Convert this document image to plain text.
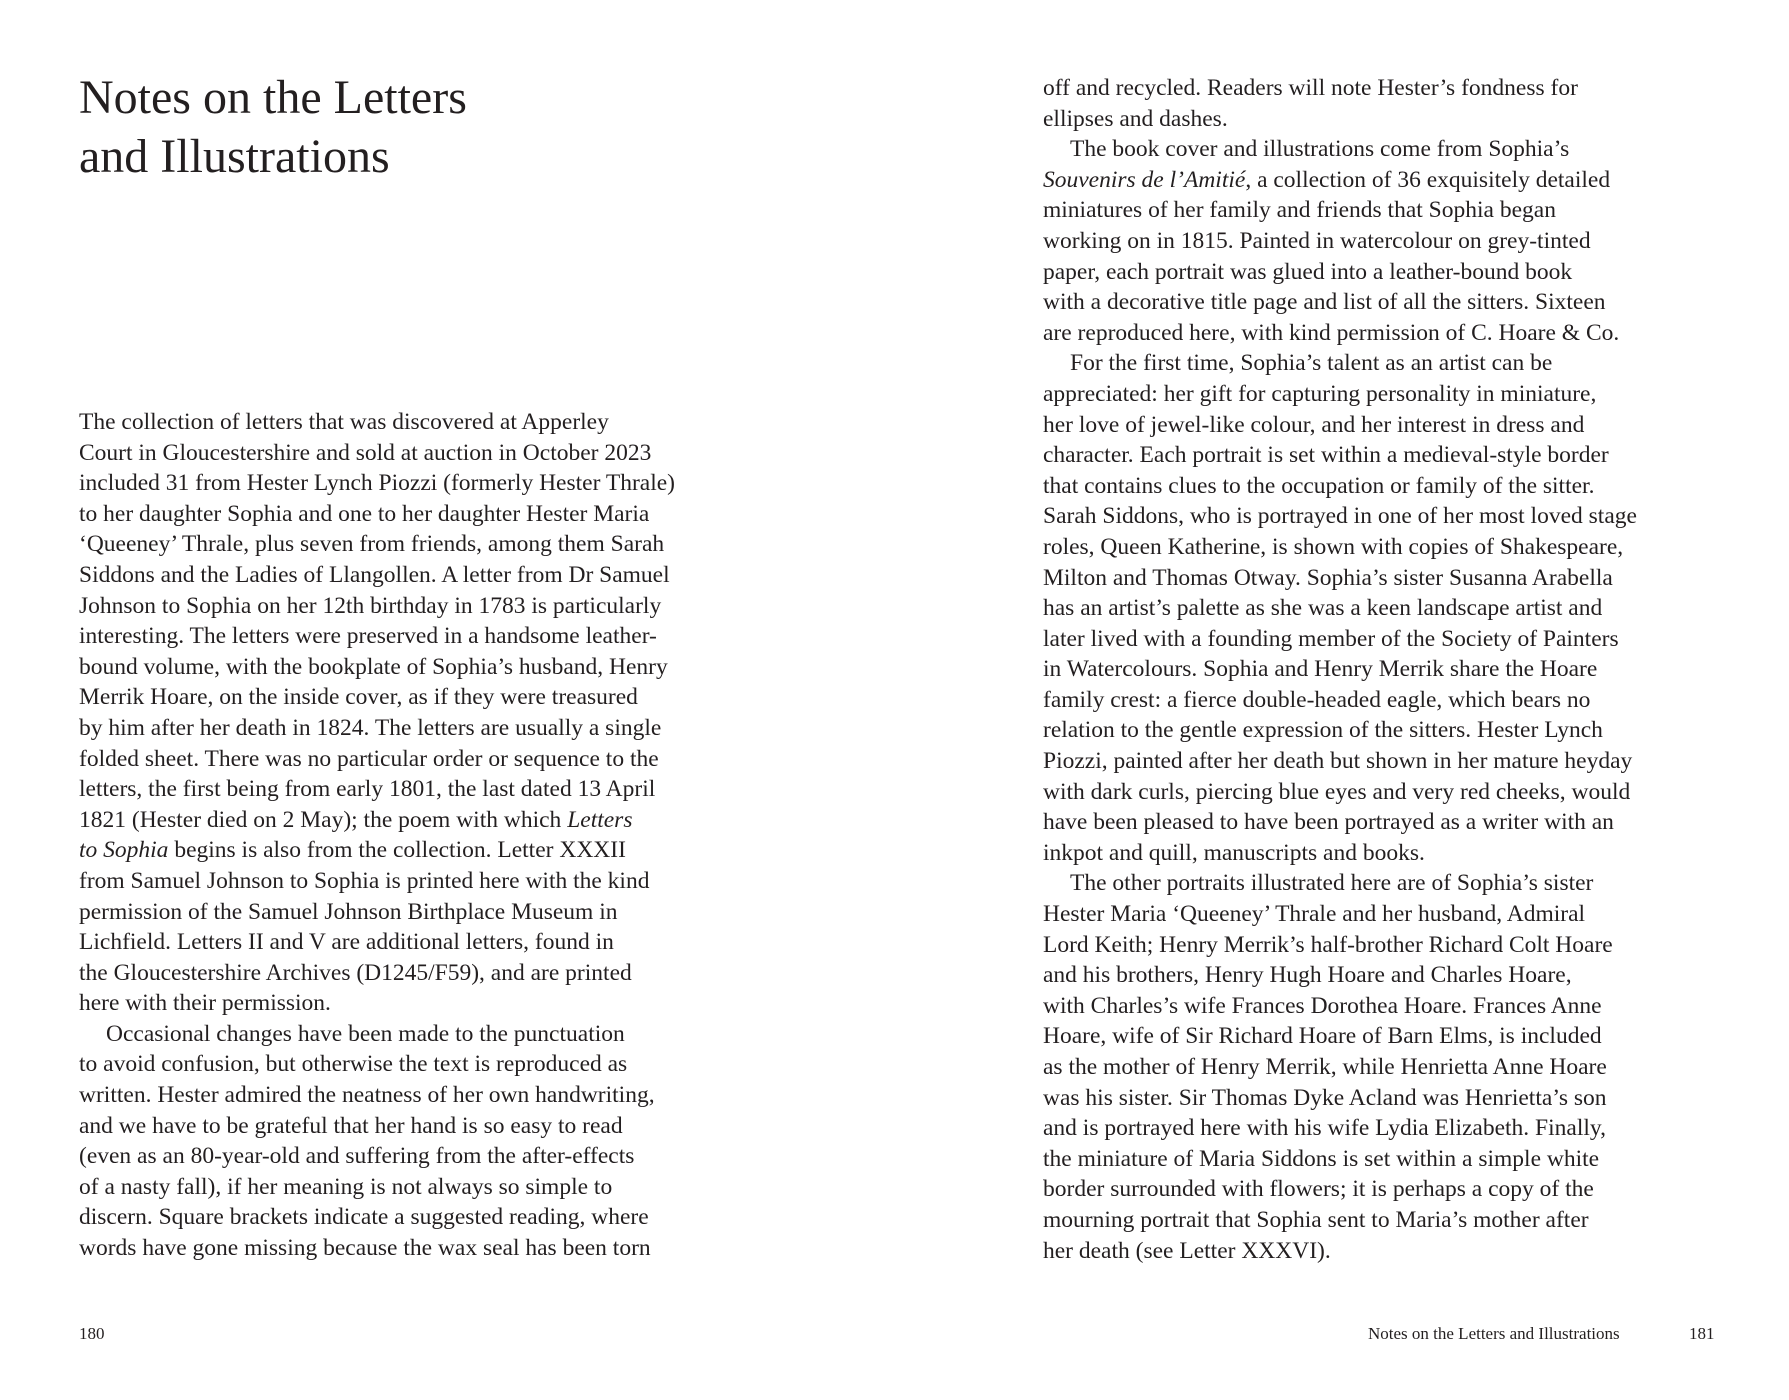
Notes on the Letters
and Illustrations
The collection of letters that was discovered at Apperley
Court in Gloucestershire and sold at auction in October 2023
included 31 from Hester Lynch Piozzi (formerly Hester Thrale)
to her daughter Sophia and one to her daughter Hester Maria
‘Queeney’ Thrale, plus seven from friends, among them Sarah
Siddons and the Ladies of Llangollen. A letter from Dr Samuel
Johnson to Sophia on her 12th birthday in 1783 is particularly
interesting. The letters were preserved in a handsome leather-
bound volume, with the bookplate of Sophia’s husband, Henry
Merrik Hoare, on the inside cover, as if they were treasured
by him after her death in 1824. The letters are usually a single
folded sheet. There was no particular order or sequence to the
letters, the first being from early 1801, the last dated 13 April
1821 (Hester died on 2 May); the poem with which Letters
to Sophia begins is also from the collection. Letter XXXII
from Samuel Johnson to Sophia is printed here with the kind
permission of the Samuel Johnson Birthplace Museum in
Lichfield. Letters II and V are additional letters, found in
the Gloucestershire Archives (D1245/F59), and are printed
here with their permission.
Occasional changes have been made to the punctuation
to avoid confusion, but otherwise the text is reproduced as
written. Hester admired the neatness of her own handwriting,
and we have to be grateful that her hand is so easy to read
(even as an 80-year-old and suffering from the after-effects
of a nasty fall), if her meaning is not always so simple to
discern. Square brackets indicate a suggested reading, where
words have gone missing because the wax seal has been torn
180
off and recycled. Readers will note Hester’s fondness for
ellipses and dashes.
The book cover and illustrations come from Sophia’s
Souvenirs de l’Amitié, a collection of 36 exquisitely detailed
miniatures of her family and friends that Sophia began
working on in 1815. Painted in watercolour on grey-tinted
paper, each portrait was glued into a leather-bound book
with a decorative title page and list of all the sitters. Sixteen
are reproduced here, with kind permission of C. Hoare & Co.
For the first time, Sophia’s talent as an artist can be
appreciated: her gift for capturing personality in miniature,
her love of jewel-like colour, and her interest in dress and
character. Each portrait is set within a medieval-style border
that contains clues to the occupation or family of the sitter.
Sarah Siddons, who is portrayed in one of her most loved stage
roles, Queen Katherine, is shown with copies of Shakespeare,
Milton and Thomas Otway. Sophia’s sister Susanna Arabella
has an artist’s palette as she was a keen landscape artist and
later lived with a founding member of the Society of Painters
in Watercolours. Sophia and Henry Merrik share the Hoare
family crest: a fierce double-headed eagle, which bears no
relation to the gentle expression of the sitters. Hester Lynch
Piozzi, painted after her death but shown in her mature heyday
with dark curls, piercing blue eyes and very red cheeks, would
have been pleased to have been portrayed as a writer with an
inkpot and quill, manuscripts and books.
The other portraits illustrated here are of Sophia’s sister
Hester Maria ‘Queeney’ Thrale and her husband, Admiral
Lord Keith; Henry Merrik’s half-brother Richard Colt Hoare
and his brothers, Henry Hugh Hoare and Charles Hoare,
with Charles’s wife Frances Dorothea Hoare. Frances Anne
Hoare, wife of Sir Richard Hoare of Barn Elms, is included
as the mother of Henry Merrik, while Henrietta Anne Hoare
was his sister. Sir Thomas Dyke Acland was Henrietta’s son
and is portrayed here with his wife Lydia Elizabeth. Finally,
the miniature of Maria Siddons is set within a simple white
border surrounded with flowers; it is perhaps a copy of the
mourning portrait that Sophia sent to Maria’s mother after
her death (see Letter XXXVI).
Notes on the Letters and Illustrations	181
